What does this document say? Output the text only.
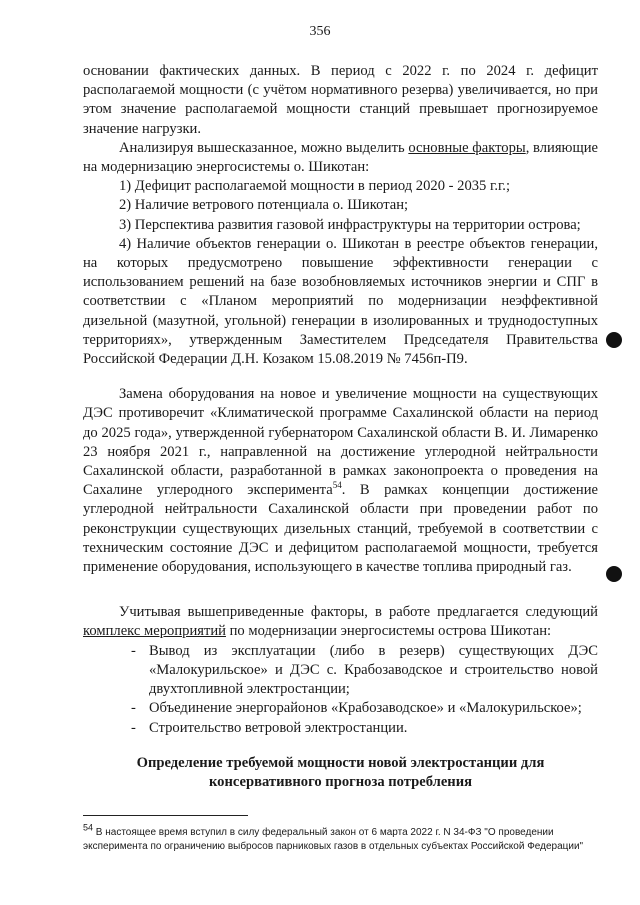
356

основании фактических данных. В период с 2022 г. по 2024 г. дефицит располагаемой мощности (с учётом нормативного резерва) увеличивается, но при этом значение располагаемой мощности станций превышает прогнозируемое значение нагрузки.

Анализируя вышесказанное, можно выделить основные факторы, влияющие на модернизацию энергосистемы о. Шикотан:

1) Дефицит располагаемой мощности в период 2020 - 2035 г.г.;

2) Наличие ветрового потенциала о. Шикотан;

3) Перспектива развития газовой инфраструктуры на территории острова;

4) Наличие объектов генерации о. Шикотан в реестре объектов генерации, на которых предусмотрено повышение эффективности генерации с использованием решений на базе возобновляемых источников энергии и СПГ в соответствии с «Планом мероприятий по модернизации неэффективной дизельной (мазутной, угольной) генерации в изолированных и труднодоступных территориях», утвержденным Заместителем Председателя Правительства Российской Федерации Д.Н. Козаком 15.08.2019 № 7456п-П9.

Замена оборудования на новое и увеличение мощности на существующих ДЭС противоречит «Климатической программе Сахалинской области на период до 2025 года», утвержденной губернатором Сахалинской области В. И. Лимаренко 23 ноября 2021 г., направленной на достижение углеродной нейтральности Сахалинской области, разработанной в рамках законопроекта о проведения на Сахалине углеродного эксперимента$^{54}$. В рамках концепции достижение углеродной нейтральности Сахалинской области при проведении работ по реконструкции существующих дизельных станций, требуемой в соответствии с техническим состояние ДЭС и дефицитом располагаемой мощности, требуется применение оборудования, использующего в качестве топлива природный газ.

Учитывая вышеприведенные факторы, в работе предлагается следующий комплекс мероприятий по модернизации энергосистемы острова Шикотан:

- Вывод из эксплуатации (либо в резерв) существующих ДЭС «Малокурильское» и ДЭС с. Крабозаводское и строительство новой двухтопливной электростанции;
- Объединение энергорайонов «Крабозаводское» и «Малокурильское»;
- Строительство ветровой электростанции.

Определение требуемой мощности новой электростанции для консервативного прогноза потребления

$^{54}$ В настоящее время вступил в силу федеральный закон от 6 марта 2022 г. N 34-ФЗ "О проведении эксперимента по ограничению выбросов парниковых газов в отдельных субъектах Российской Федерации"
